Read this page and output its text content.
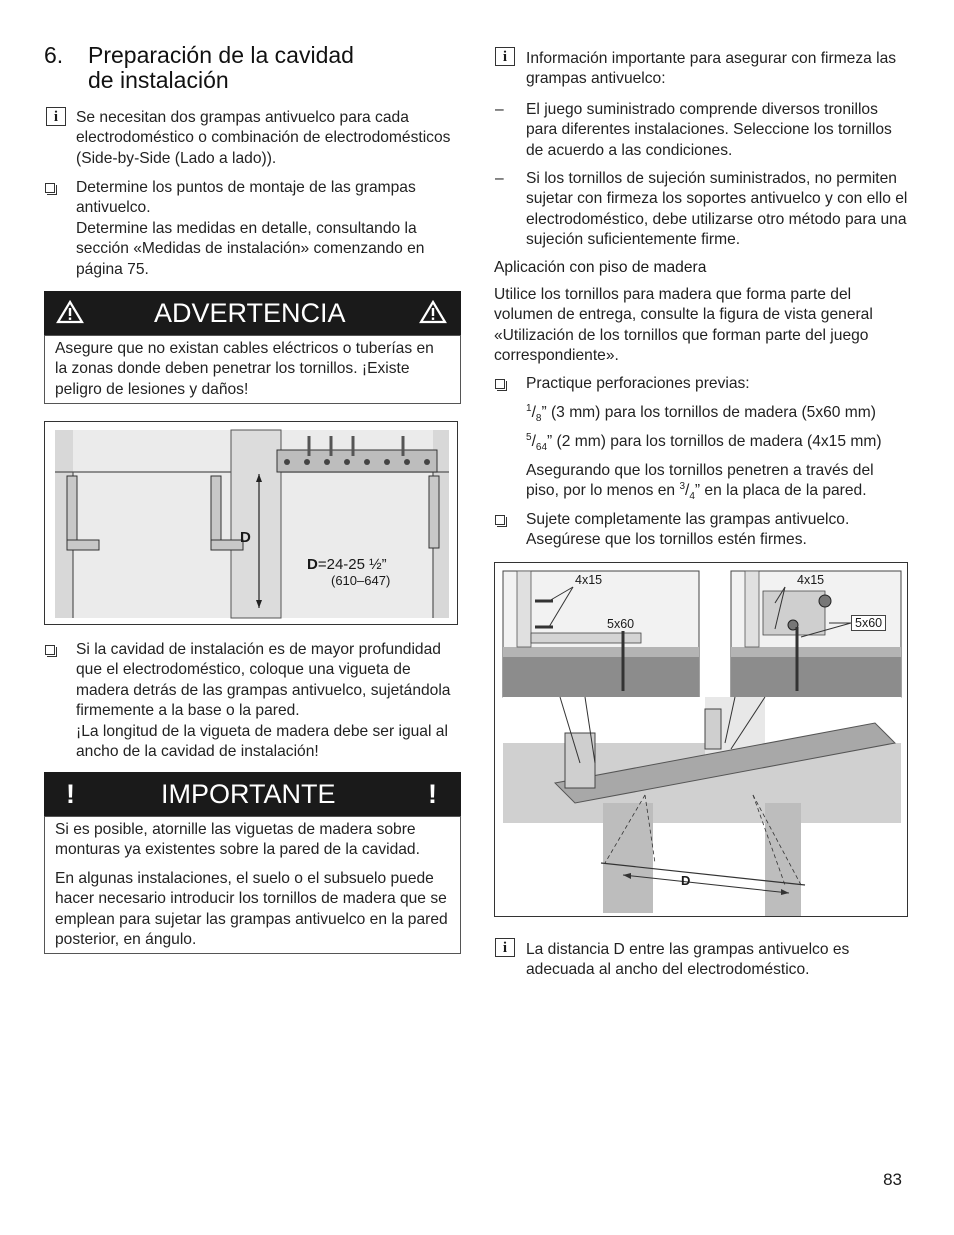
6. Preparación de la cavidad
de instalación
i	Se necesitan dos grampas antivuelco para cada electrodoméstico o combinación de electrodomésticos (Side-by-Side (Lado a lado)).
Determine los puntos de montaje de las grampas antivuelco.
Determine las medidas en detalle, consultando la sección «Medidas de instalación» comenzando en página 75.
ADVERTENCIA
Asegure que no existan cables eléctricos o tuberías en la zonas donde deben penetrar los tornillos. ¡Existe peligro de lesiones y daños!
D
D=24-25 ½”
(610–647)
Si la cavidad de instalación es de mayor profundidad que el electrodoméstico, coloque una vigueta de madera detrás de las grampas antivuelco, sujetándola firmemente a la base o la pared.
¡La longitud de la vigueta de madera debe ser igual al ancho de la cavidad de instalación!
!	IMPORTANTE	!
Si es posible, atornille las viguetas de madera sobre monturas ya existentes sobre la pared de la cavidad.
En algunas instalaciones, el suelo o el subsuelo puede hacer necesario introducir los tornillos de madera que se emplean para sujetar las grampas antivuelco en la pared posterior, en ángulo.
i	Información importante para asegurar con firmeza las grampas antivuelco:
– El juego suministrado comprende diversos tronillos para diferentes instalaciones. Seleccione los tornillos de acuerdo a las condiciones.
– Si los tornillos de sujeción suministrados, no permiten sujetar con firmeza los soportes antivuelco y con ello el electrodoméstico, debe utilizarse otro método para una sujeción suficientemente firme.
Aplicación con piso de madera
Utilice los tornillos para madera que forma parte del volumen de entrega, consulte la figura de vista general «Utilización de los tornillos que forman parte del juego correspondiente».
Practique perforaciones previas:
$^1/_8$” (3 mm) para los tornillos de madera (5x60 mm)
$^5/_{64}$” (2 mm) para los tornillos de madera (4x15 mm)
Asegurando que los tornillos penetren a través del
piso, por lo menos en $^3/_4$” en la placa de la pared.
Sujete completamente las grampas antivuelco. Asegúrese que los tornillos estén firmes.
4x15
5x60
4x15
5x60
D
i	La distancia D entre las grampas antivuelco es adecuada al ancho del electrodoméstico.
83
